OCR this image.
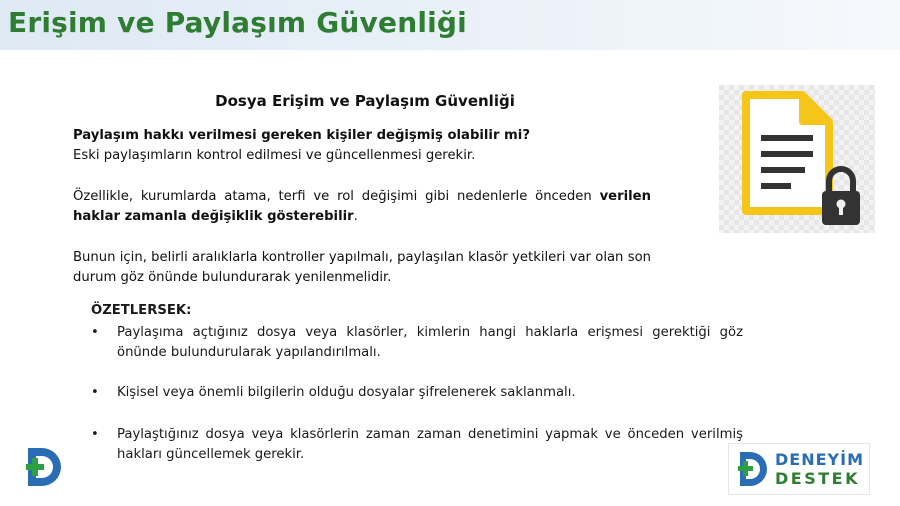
Erişim ve Paylaşım Güvenliği
Dosya Erişim ve Paylaşım Güvenliği
Paylaşım hakkı verilmesi gereken kişiler değişmiş olabilir mi?
Eski paylaşımların kontrol edilmesi ve güncellenmesi gerekir.
Özellikle, kurumlarda atama, terfi ve rol değişimi gibi nedenlerle önceden verilen haklar zamanla değişiklik gösterebilir.
Bunun için, belirli aralıklarla kontroller yapılmalı, paylaşılan klasör yetkileri var olan son durum göz önünde bulundurarak yenilenmelidir.
ÖZETLERSEK:
•	Paylaşıma açtığınız dosya veya klasörler, kimlerin hangi haklarla erişmesi gerektiği göz önünde bulundurularak yapılandırılmalı.
•	Kişisel veya önemli bilgilerin olduğu dosyalar şifrelenerek saklanmalı.
•	Paylaştığınız dosya veya klasörlerin zaman zaman denetimini yapmak ve önceden verilmiş hakları güncellemek gerekir.	DENEYİM
DESTEK
